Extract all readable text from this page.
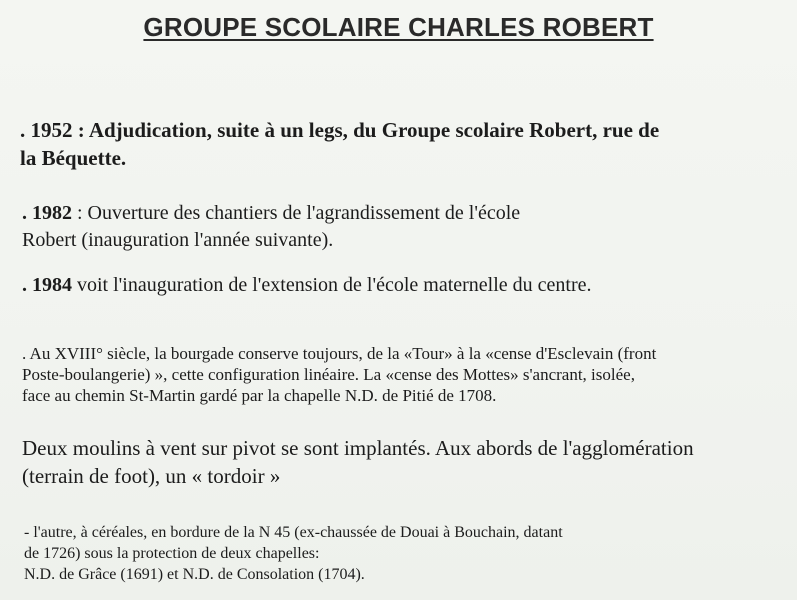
GROUPE SCOLAIRE CHARLES ROBERT

. 1952 : Adjudication, suite à un legs, du Groupe scolaire Robert, rue de
la Béquette.

. 1982 : Ouverture des chantiers de l'agrandissement de l'école
Robert (inauguration l'année suivante).

. 1984 voit l'inauguration de l'extension de l'école maternelle du centre.

. Au XVIII° siècle, la bourgade conserve toujours, de la «Tour» à la «cense d'Esclevain (front
Poste-boulangerie) », cette configuration linéaire. La «cense des Mottes» s'ancrant, isolée,
face au chemin St-Martin gardé par la chapelle N.D. de Pitié de 1708.

Deux moulins à vent sur pivot se sont implantés. Aux abords de l'agglomération
(terrain de foot), un « tordoir »

- l'autre, à céréales, en bordure de la N 45 (ex-chaussée de Douai à Bouchain, datant
de 1726) sous la protection de deux chapelles:
N.D. de Grâce (1691) et N.D. de Consolation (1704).
